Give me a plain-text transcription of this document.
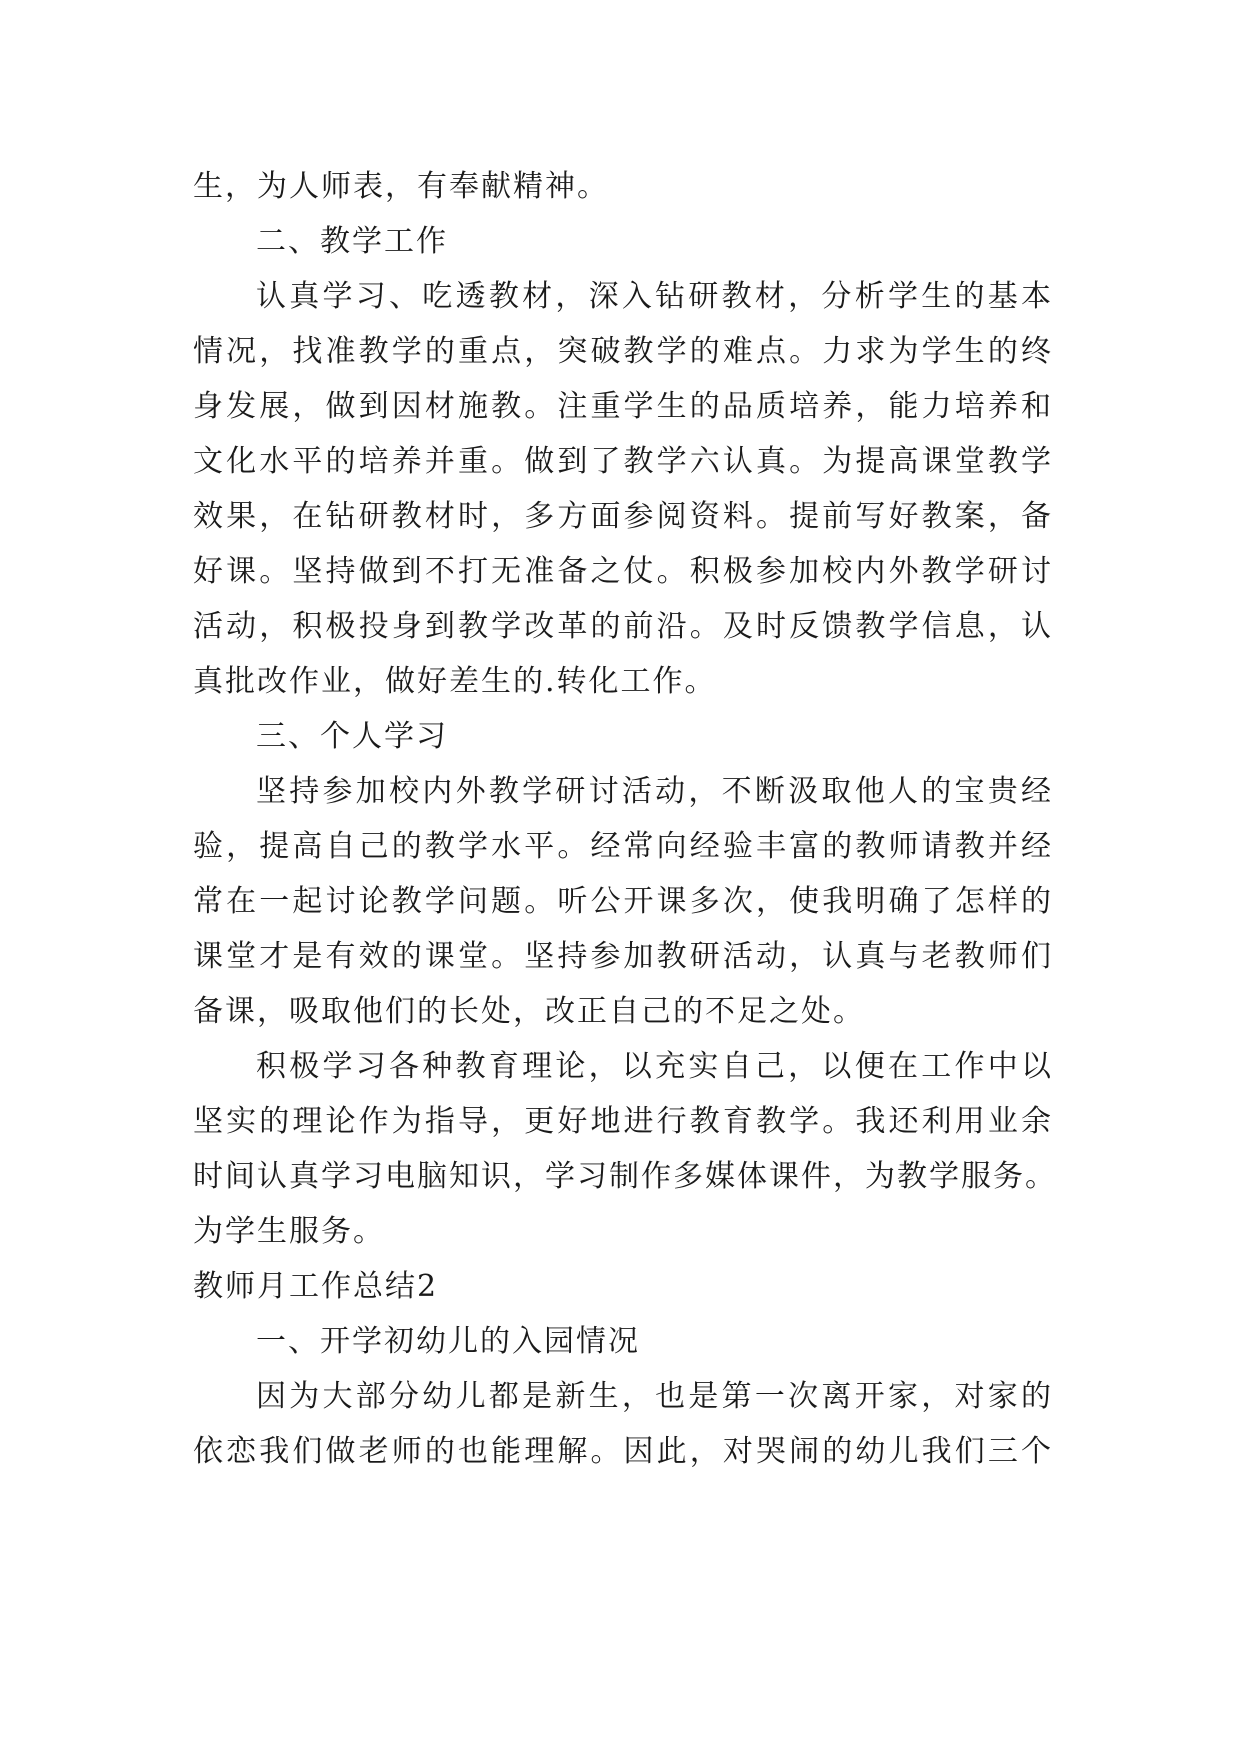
生，为人师表，有奉献精神。
二、教学工作
认真学习、吃透教材，深入钻研教材，分析学生的基本
情况，找准教学的重点，突破教学的难点。力求为学生的终
身发展，做到因材施教。注重学生的品质培养，能力培养和
文化水平的培养并重。做到了教学六认真。为提高课堂教学
效果，在钻研教材时，多方面参阅资料。提前写好教案，备
好课。坚持做到不打无准备之仗。积极参加校内外教学研讨
活动，积极投身到教学改革的前沿。及时反馈教学信息，认
真批改作业，做好差生的.转化工作。
三、个人学习
坚持参加校内外教学研讨活动，不断汲取他人的宝贵经
验，提高自己的教学水平。经常向经验丰富的教师请教并经
常在一起讨论教学问题。听公开课多次，使我明确了怎样的
课堂才是有效的课堂。坚持参加教研活动，认真与老教师们
备课，吸取他们的长处，改正自己的不足之处。
积极学习各种教育理论，以充实自己，以便在工作中以
坚实的理论作为指导，更好地进行教育教学。我还利用业余
时间认真学习电脑知识，学习制作多媒体课件，为教学服务。
为学生服务。
教师月工作总结2
一、开学初幼儿的入园情况
因为大部分幼儿都是新生，也是第一次离开家，对家的
依恋我们做老师的也能理解。因此，对哭闹的幼儿我们三个
